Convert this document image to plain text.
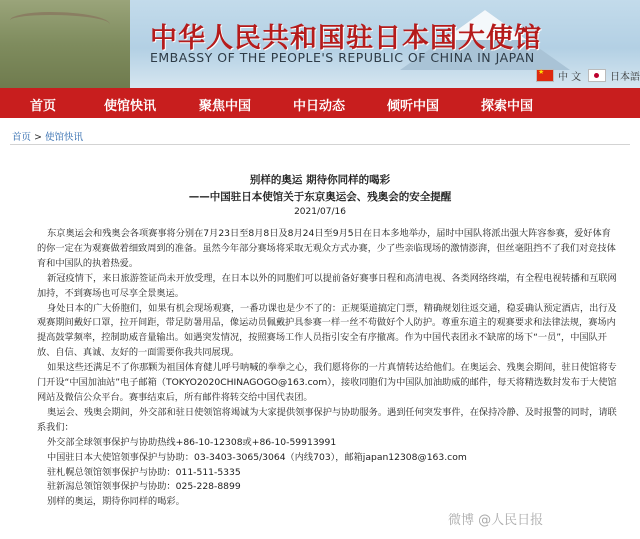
中华人民共和国驻日本国大使馆
EMBASSY OF THE PEOPLE'S REPUBLIC OF CHINA IN JAPAN
★
中 文	日本語
首页	使馆快讯	聚焦中国	中日动态	倾听中国	探索中国
首页 > 使馆快讯
别样的奥运 期待你同样的喝彩
——中国驻日本使馆关于东京奥运会、残奥会的安全提醒
2021/07/16

东京奥运会和残奥会各项赛事将分别在7月23日至8月8日及8月24日至9月5日在日本多地举办，届时中国队将派出强大阵容参赛，爱好体育的你一定在为观赛做着细致周到的准备。虽然今年部分赛场将采取无观众方式办赛，少了些亲临现场的激情澎湃，但丝毫阻挡不了我们对竞技体育和中国队的执着热爱。

新冠疫情下，来日旅游签证尚未开放受理，在日本以外的同胞们可以提前备好赛事日程和高清电视、各类网络终端，有全程电视转播和互联网加持，不到赛场也可尽享全景奥运。

身处日本的广大侨胞们，如果有机会现场观赛，一番功课也是少不了的：正规渠道搞定门票，精确规划往返交通，稳妥确认预定酒店，出行及观赛期间戴好口罩，拉开间距，带足防暑用品，像运动员佩戴护具参赛一样一丝不苟做好个人防护。尊重东道主的观赛要求和法律法规，赛场内提高鼓掌频率，控制助威音量输出。如遇突发情况，按照赛场工作人员指引安全有序撤离。作为中国代表团永不缺席的场下“一员”，中国队开放、自信、真诚、友好的一面需要你我共同展现。

如果这些还满足不了你那颗为祖国体育健儿呼号呐喊的拳拳之心，我们愿将你的一片真情转达给他们。在奥运会、残奥会期间，驻日使馆将专门开设“中国加油站”电子邮箱（TOKYO2020CHINAGOGO@163.com），接收同胞们为中国队加油助威的邮件，每天将精选数封发布于大使馆网站及微信公众平台。赛事结束后，所有邮件将转交给中国代表团。

奥运会、残奥会期间，外交部和驻日使领馆将竭诚为大家提供领事保护与协助服务。遇到任何突发事件，在保持冷静、及时报警的同时，请联系我们：

外交部全球领事保护与协助热线+86-10-12308或+86-10-59913991

中国驻日本大使馆领事保护与协助：03-3403-3065/3064（内线703），邮箱japan12308@163.com

驻札幌总领馆领事保护与协助：011-511-5335

驻新潟总领馆领事保护与协助：025-228-8899

别样的奥运，期待你同样的喝彩。

微博 @人民日报
